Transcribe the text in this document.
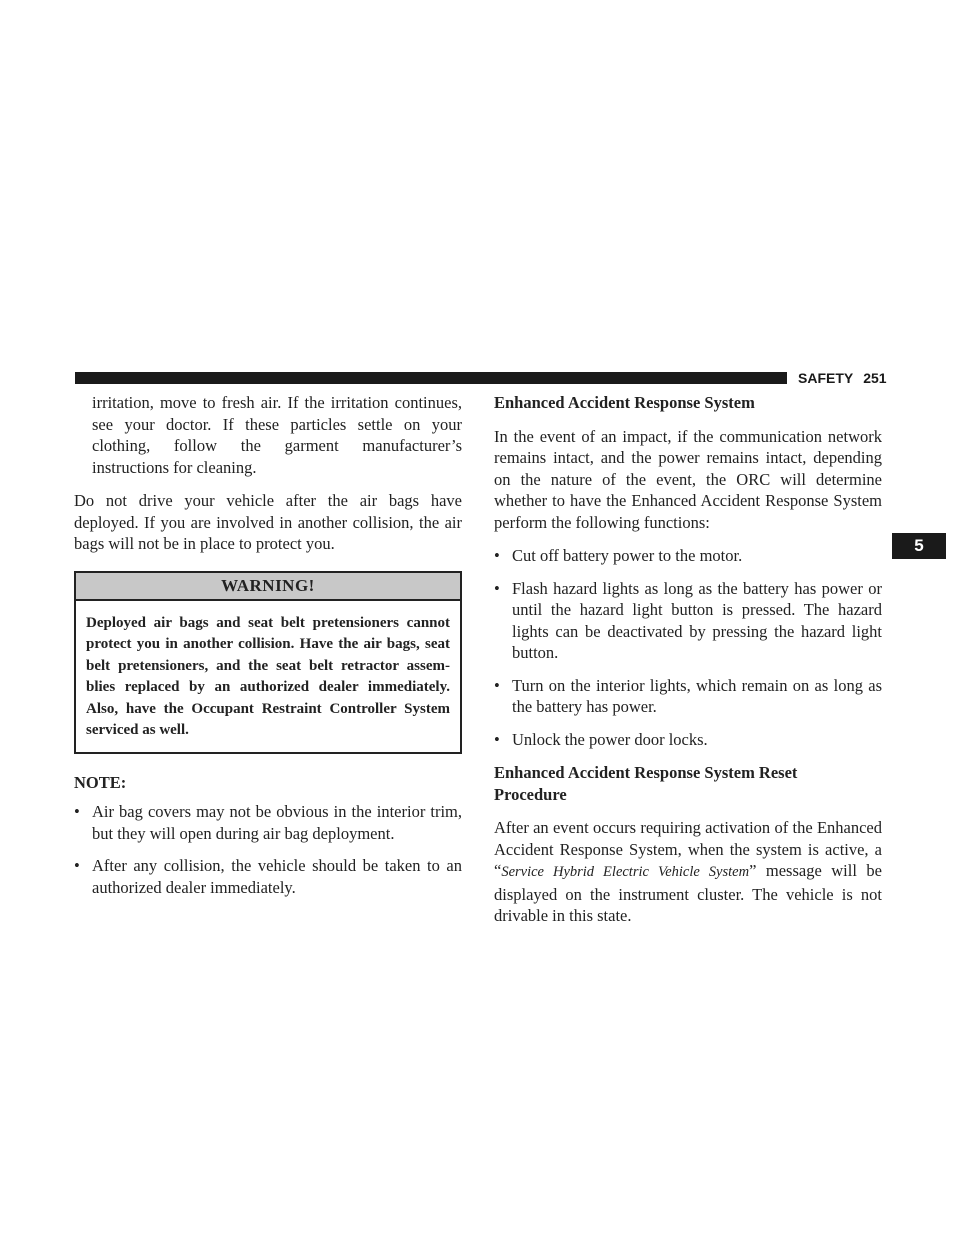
SAFETY 251
5

irritation, move to fresh air. If the irritation continues, see your doctor. If these particles settle on your clothing, follow the garment manufacturer’s instructions for cleaning.

Do not drive your vehicle after the air bags have deployed. If you are involved in another collision, the air bags will not be in place to protect you.

WARNING!
Deployed air bags and seat belt pretensioners cannot protect you in another collision. Have the air bags, seat belt pretensioners, and the seat belt retractor assem-blies replaced by an authorized dealer immediately. Also, have the Occupant Restraint Controller System serviced as well.
NOTE:
• Air bag covers may not be obvious in the interior trim, but they will open during air bag deployment.
• After any collision, the vehicle should be taken to an authorized dealer immediately.
Enhanced Accident Response System

In the event of an impact, if the communication network remains intact, and the power remains intact, depending on the nature of the event, the ORC will determine whether to have the Enhanced Accident Response System perform the following functions:

• Cut off battery power to the motor.
• Flash hazard lights as long as the battery has power or until the hazard light button is pressed. The hazard lights can be deactivated by pressing the hazard light button.
• Turn on the interior lights, which remain on as long as the battery has power.
• Unlock the power door locks.
Enhanced Accident Response System Reset
Procedure

After an event occurs requiring activation of the Enhanced Accident Response System, when the system is active, a “Service Hybrid Electric Vehicle System” message will be displayed on the instrument cluster. The vehicle is not drivable in this state.
